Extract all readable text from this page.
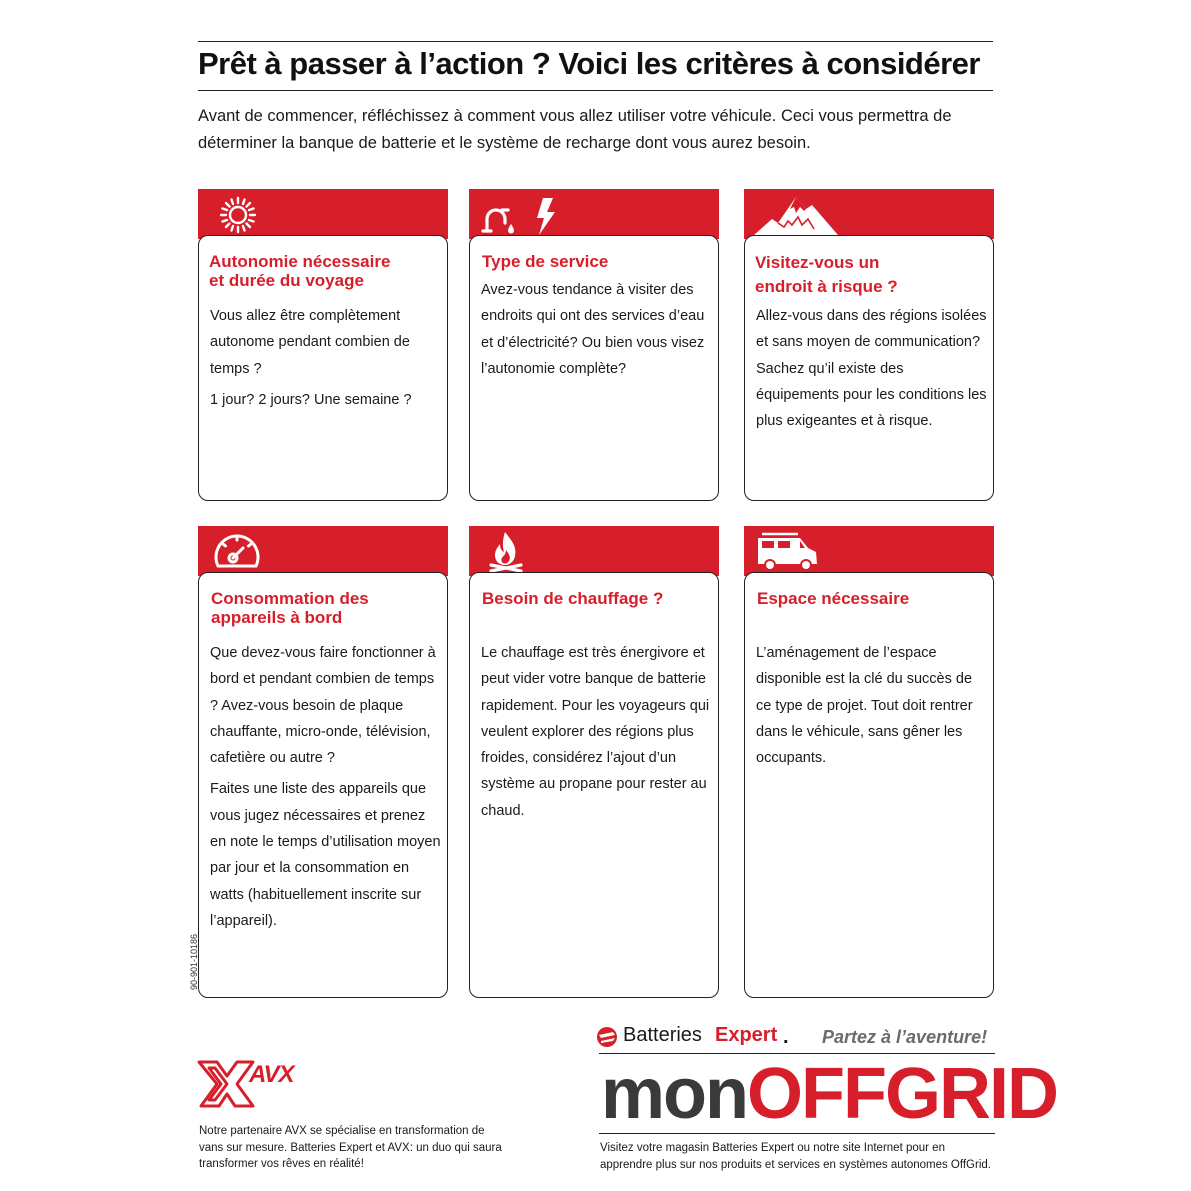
Prêt à passer à l’action ? Voici les critères à considérer
Avant de commencer, réfléchissez à comment vous allez utiliser votre véhicule. Ceci vous permettra de déterminer la banque de batterie et le système de recharge dont vous aurez besoin.
Autonomie nécessaire
et durée du voyage

Vous allez être complètement autonome pendant combien de temps ?

1 jour? 2 jours? Une semaine ?

Type de service

Avez-vous tendance à visiter des endroits qui ont des services d’eau et d’électricité? Ou bien vous visez l’autonomie complète?

Visitez-vous un
endroit à risque ?

Allez-vous dans des régions isolées et sans moyen de communication? Sachez qu’il existe des équipements pour les conditions les plus exigeantes et à risque.

Consommation des
appareils à bord

Que devez-vous faire fonctionner à bord et pendant combien de temps ? Avez-vous besoin de plaque chauffante, micro-onde, télévision, cafetière ou autre ?

Faites une liste des appareils que vous jugez nécessaires et prenez en note le temps d’utilisation moyen par jour et la consommation en watts (habituellement inscrite sur l’appareil).

Besoin de chauffage ?

Le chauffage est très énergivore et peut vider votre banque de batterie rapidement. Pour les voyageurs qui veulent explorer des régions plus froides, considérez l’ajout d’un système au propane pour rester au chaud.

Espace nécessaire

L’aménagement de l’espace disponible est la clé du succès de ce type de projet. Tout doit rentrer dans le véhicule, sans gêner les occupants.

90-901-10186
AVX
Notre partenaire AVX se spécialise en transformation de vans sur mesure. Batteries Expert et AVX: un duo qui saura transformer vos rêves en réalité!
Batteries Expert . Partez à l’aventure!
monOFFGRID
Visitez votre magasin Batteries Expert ou notre site Internet pour en apprendre plus sur nos produits et services en systèmes autonomes OffGrid.
